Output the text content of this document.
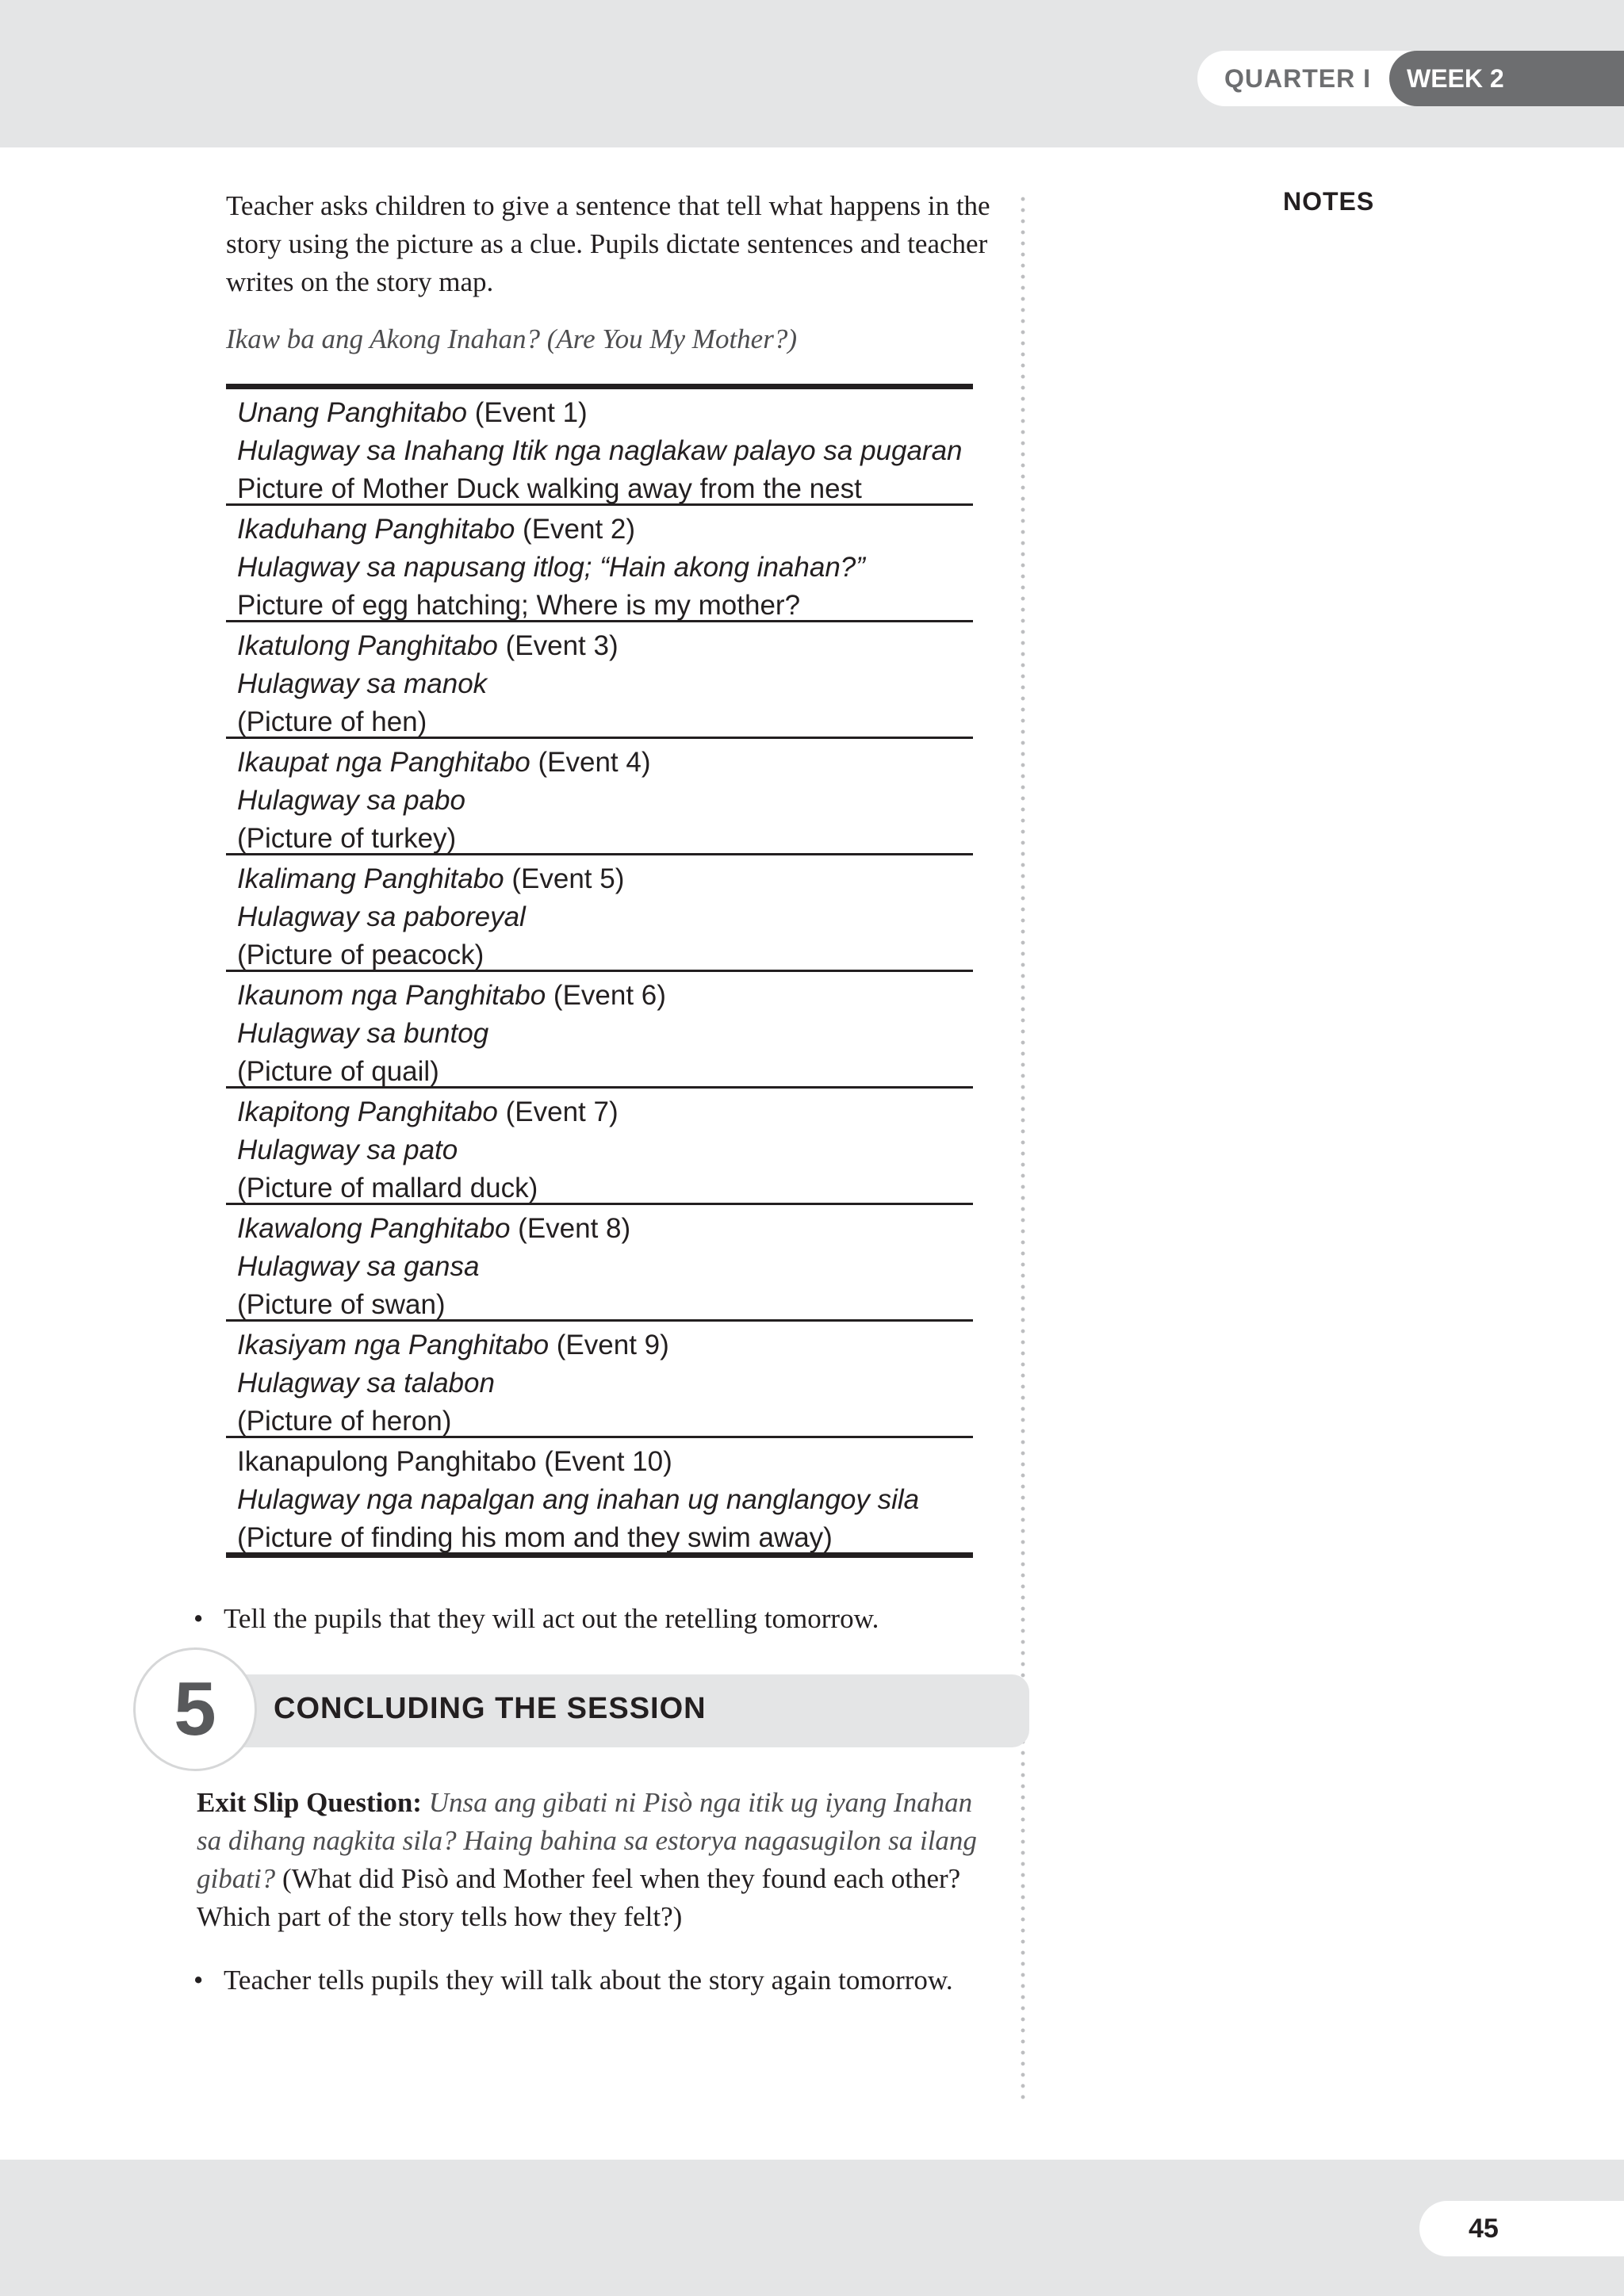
QUARTER I	WEEK 2
NOTES

Teacher asks children to give a sentence that tell what happens in the story using the picture as a clue. Pupils dictate sentences and teacher writes on the story map.

Ikaw ba ang Akong Inahan? (Are You My Mother?)

Unang Panghitabo (Event 1)
Hulagway sa Inahang Itik nga naglakaw palayo sa pugaran
Picture of Mother Duck walking away from the nest
Ikaduhang Panghitabo (Event 2)
Hulagway sa napusang itlog; “Hain akong inahan?”
Picture of egg hatching; Where is my mother?
Ikatulong Panghitabo (Event 3)
Hulagway sa manok
(Picture of hen)
Ikaupat nga Panghitabo (Event 4)
Hulagway sa pabo
(Picture of turkey)
Ikalimang Panghitabo (Event 5)
Hulagway sa paboreyal
(Picture of peacock)
Ikaunom nga Panghitabo (Event 6)
Hulagway sa buntog
(Picture of quail)
Ikapitong Panghitabo (Event 7)
Hulagway sa pato
(Picture of mallard duck)
Ikawalong Panghitabo (Event 8)
Hulagway sa gansa
(Picture of swan)
Ikasiyam nga Panghitabo (Event 9)
Hulagway sa talabon
(Picture of heron)
Ikanapulong Panghitabo (Event 10)
Hulagway nga napalgan ang inahan ug nanglangoy sila
(Picture of finding his mom and they swim away)

• Tell the pupils that they will act out the retelling tomorrow.

5	CONCLUDING THE SESSION

Exit Slip Question: Unsa ang gibati ni Pisò nga itik ug iyang Inahan sa dihang nagkita sila? Haing bahina sa estorya nagasugilon sa ilang gibati? (What did Pisò and Mother feel when they found each other? Which part of the story tells how they felt?)

• Teacher tells pupils they will talk about the story again tomorrow.

45
